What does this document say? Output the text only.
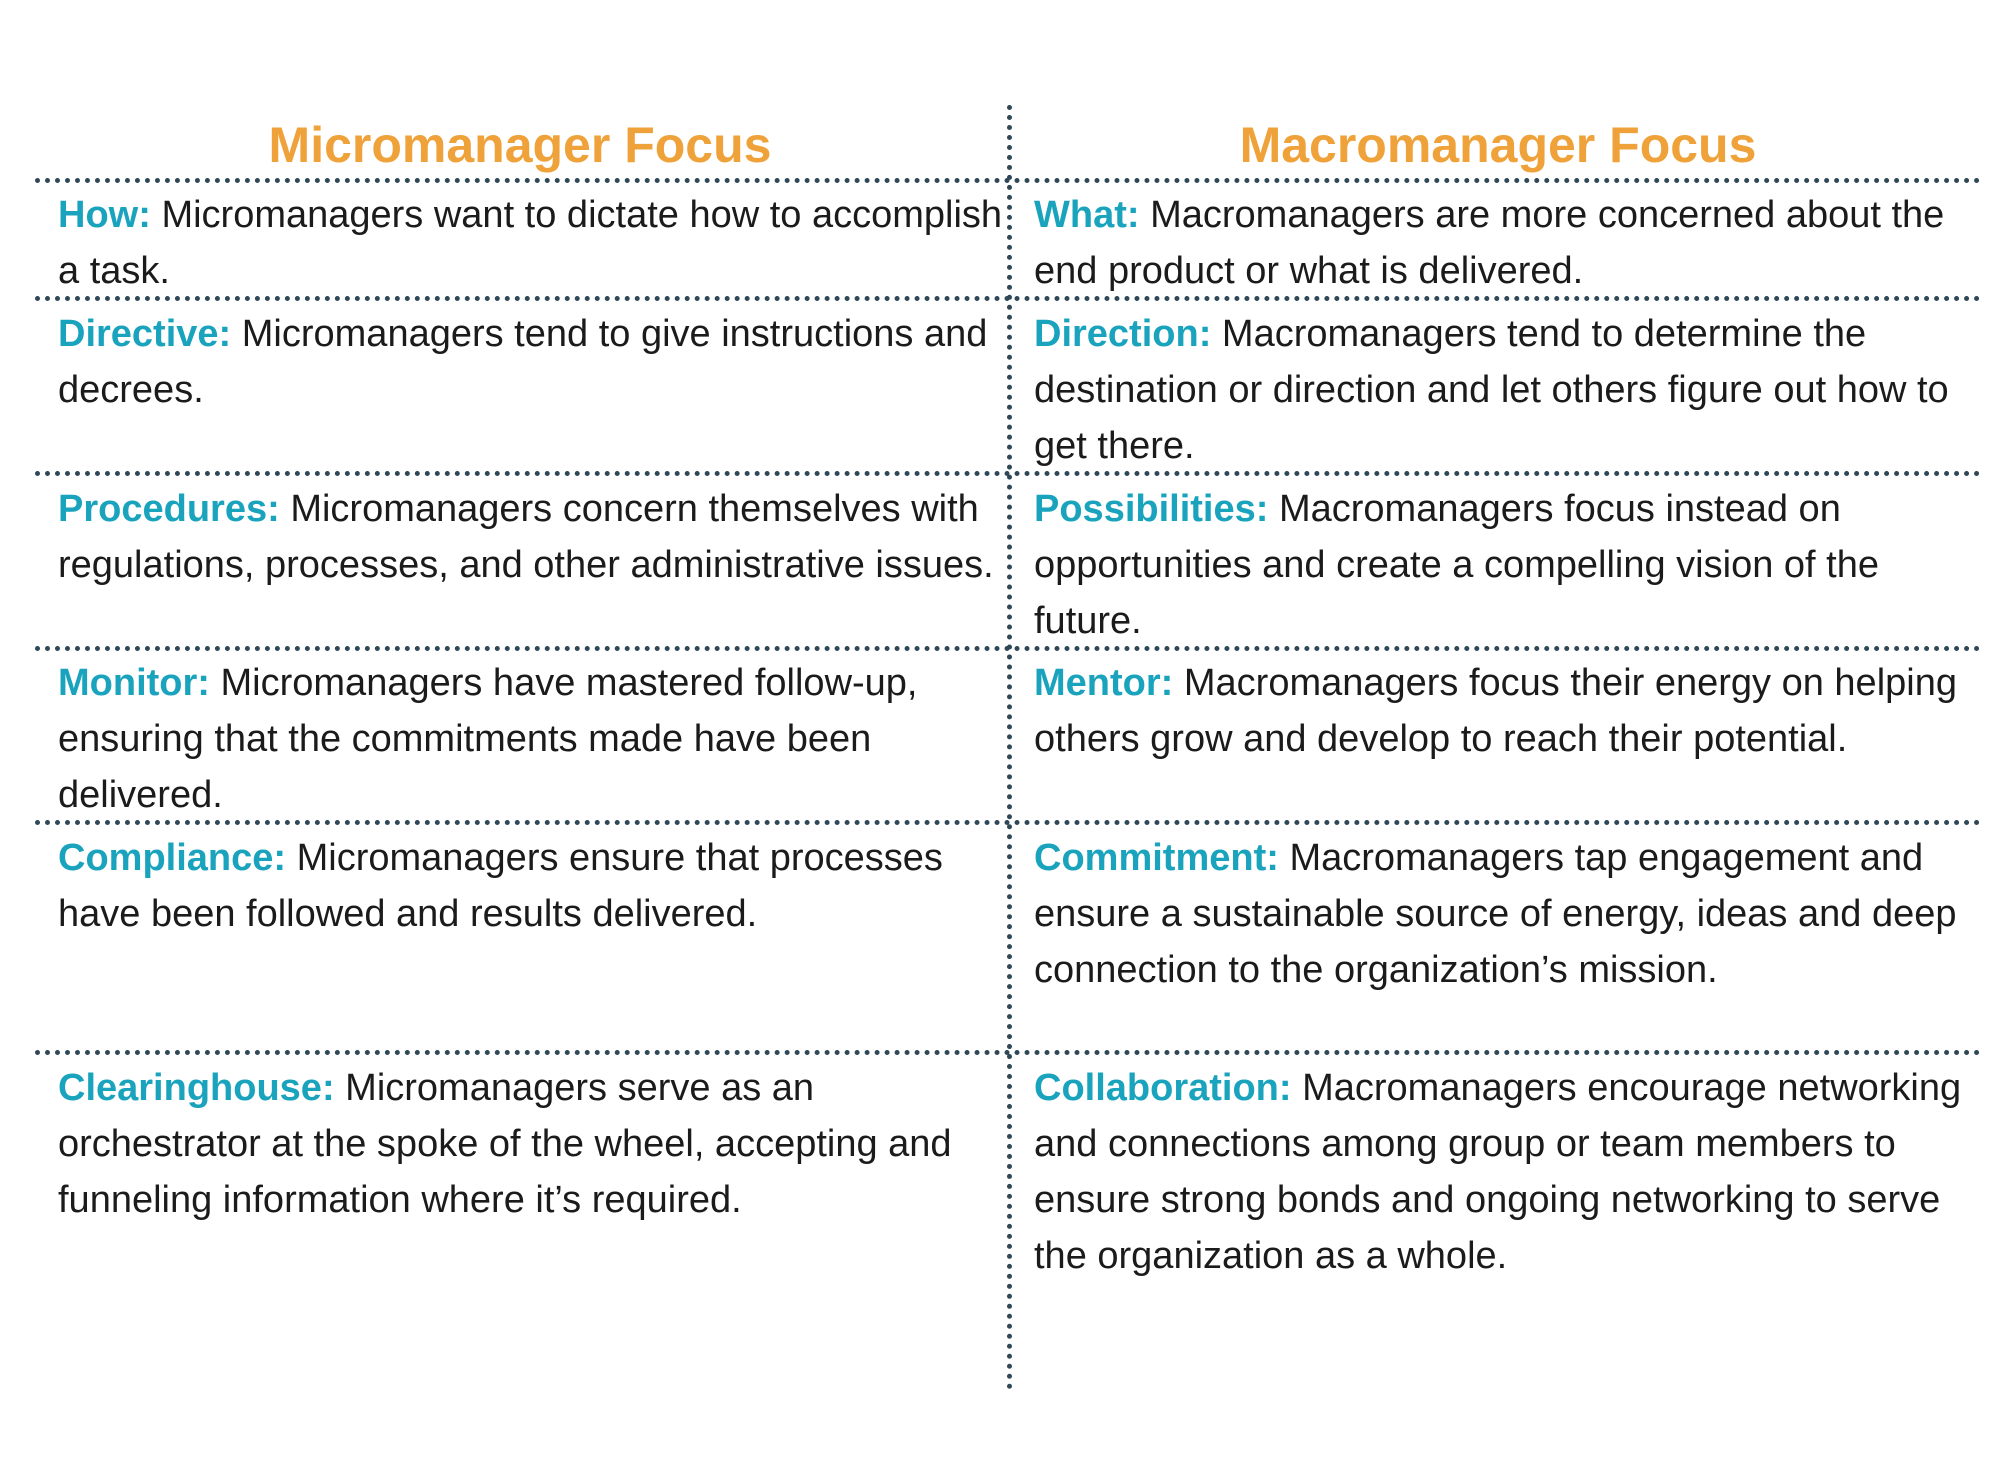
Micromanager Focus	Macromanager Focus
How: Micromanagers want to dictate how to accomplish a task.
What: Macromanagers are more concerned about the end product or what is delivered.
Directive: Micromanagers tend to give instructions and decrees.
Direction: Macromanagers tend to determine the destination or direction and let others figure out how to get there.
Procedures: Micromanagers concern themselves with regulations, processes, and other administrative issues.
Possibilities: Macromanagers focus instead on opportunities and create a compelling vision of the future.
Monitor: Micromanagers have mastered follow-up, ensuring that the commitments made have been delivered.
Mentor: Macromanagers focus their energy on helping others grow and develop to reach their potential.
Compliance: Micromanagers ensure that processes have been followed and results delivered.
Commitment: Macromanagers tap engagement and ensure a sustainable source of energy, ideas and deep connection to the organization’s mission.
Clearinghouse: Micromanagers serve as an orchestrator at the spoke of the wheel, accepting and funneling information where it’s required.
Collaboration: Macromanagers encourage networking and connections among group or team members to ensure strong bonds and ongoing networking to serve the organization as a whole.
